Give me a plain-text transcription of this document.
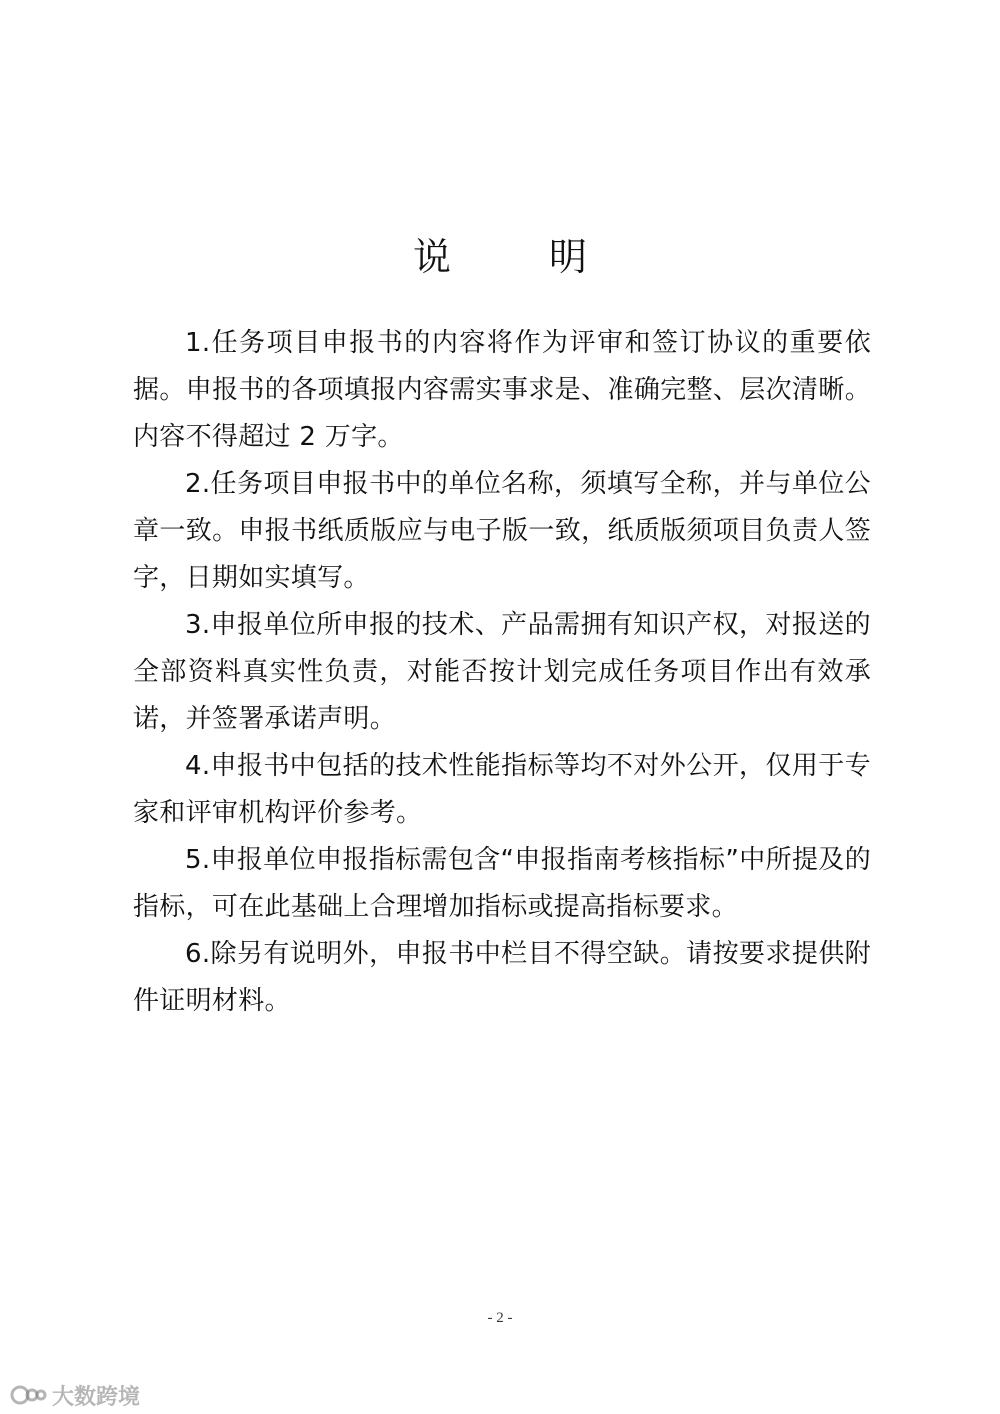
说　明

1.任务项目申报书的内容将作为评审和签订协议的重要依据。申报书的各项填报内容需实事求是、准确完整、层次清晰。内容不得超过 2 万字。

2.任务项目申报书中的单位名称，须填写全称，并与单位公章一致。申报书纸质版应与电子版一致，纸质版须项目负责人签字，日期如实填写。

3.申报单位所申报的技术、产品需拥有知识产权，对报送的全部资料真实性负责，对能否按计划完成任务项目作出有效承诺，并签署承诺声明。

4.申报书中包括的技术性能指标等均不对外公开，仅用于专家和评审机构评价参考。

5.申报单位申报指标需包含“申报指南考核指标”中所提及的指标，可在此基础上合理增加指标或提高指标要求。

6.除另有说明外，申报书中栏目不得空缺。请按要求提供附件证明材料。

- 2 -
大数跨境
